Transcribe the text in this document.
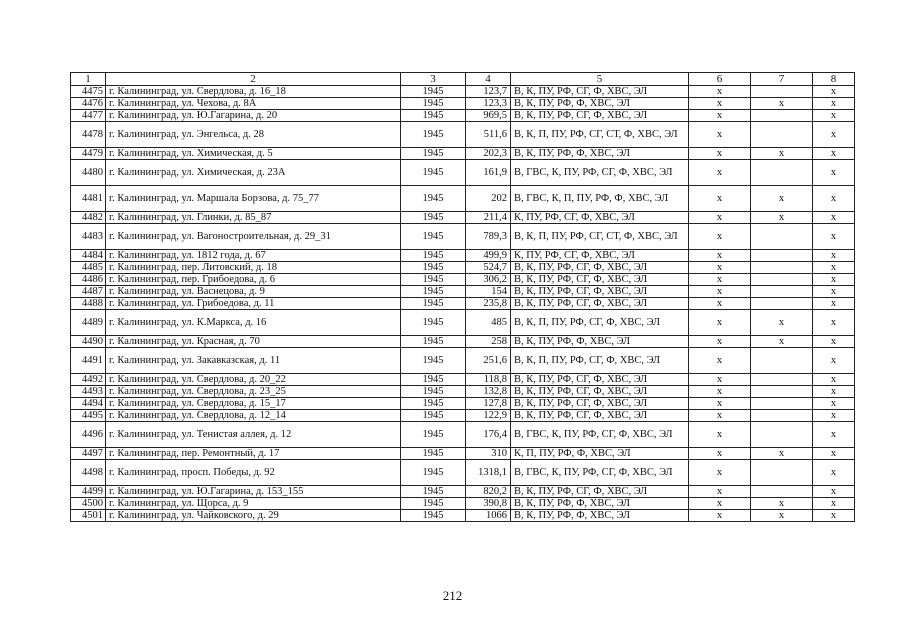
1	2	3	4	5	6	7	8
4475	г. Калининград, ул. Свердлова, д. 16_18	1945	123,7	В, К, ПУ, РФ, СГ, Ф, ХВС, ЭЛ	x		x
4476	г. Калининград, ул. Чехова, д. 8А	1945	123,3	В, К, ПУ, РФ, Ф, ХВС, ЭЛ	x	x	x
4477	г. Калининград, ул. Ю.Гагарина, д. 20	1945	969,5	В, К, ПУ, РФ, СГ, Ф, ХВС, ЭЛ	x		x
4478	г. Калининград, ул. Энгельса, д. 28	1945	511,6	В, К, П, ПУ, РФ, СГ, СТ, Ф, ХВС, ЭЛ	x		x
4479	г. Калининград, ул. Химическая, д. 5	1945	202,3	В, К, ПУ, РФ, Ф, ХВС, ЭЛ	x	x	x
4480	г. Калининград, ул. Химическая, д. 23А	1945	161,9	В, ГВС, К, ПУ, РФ, СГ, Ф, ХВС, ЭЛ	x		x
4481	г. Калининград, ул. Маршала Борзова, д. 75_77	1945	202	В, ГВС, К, П, ПУ, РФ, Ф, ХВС, ЭЛ	x	x	x
4482	г. Калининград, ул. Глинки, д. 85_87	1945	211,4	К, ПУ, РФ, СГ, Ф, ХВС, ЭЛ	x	x	x
4483	г. Калининград, ул. Вагоностроительная, д. 29_31	1945	789,3	В, К, П, ПУ, РФ, СГ, СТ, Ф, ХВС, ЭЛ	x		x
4484	г. Калининград, ул. 1812 года, д. 67	1945	499,9	К, ПУ, РФ, СГ, Ф, ХВС, ЭЛ	x		x
4485	г. Калининград, пер. Литовский, д. 18	1945	524,7	В, К, ПУ, РФ, СГ, Ф, ХВС, ЭЛ	x		x
4486	г. Калининград, пер. Грибоедова, д. 6	1945	306,2	В, К, ПУ, РФ, СГ, Ф, ХВС, ЭЛ	x		x
4487	г. Калининград, ул. Васнецова, д. 9	1945	154	В, К, ПУ, РФ, СГ, Ф, ХВС, ЭЛ	x		x
4488	г. Калининград, ул. Грибоедова, д. 11	1945	235,8	В, К, ПУ, РФ, СГ, Ф, ХВС, ЭЛ	x		x
4489	г. Калининград, ул. К.Маркса, д. 16	1945	485	В, К, П, ПУ, РФ, СГ, Ф, ХВС, ЭЛ	x	x	x
4490	г. Калининград, ул. Красная, д. 70	1945	258	В, К, ПУ, РФ, Ф, ХВС, ЭЛ	x	x	x
4491	г. Калининград, ул. Закавказская, д. 11	1945	251,6	В, К, П, ПУ, РФ, СГ, Ф, ХВС, ЭЛ	x		x
4492	г. Калининград, ул. Свердлова, д. 20_22	1945	118,8	В, К, ПУ, РФ, СГ, Ф, ХВС, ЭЛ	x		x
4493	г. Калининград, ул. Свердлова, д. 23_25	1945	132,8	В, К, ПУ, РФ, СГ, Ф, ХВС, ЭЛ	x		x
4494	г. Калининград, ул. Свердлова, д. 15_17	1945	127,8	В, К, ПУ, РФ, СГ, Ф, ХВС, ЭЛ	x		x
4495	г. Калининград, ул. Свердлова, д. 12_14	1945	122,9	В, К, ПУ, РФ, СГ, Ф, ХВС, ЭЛ	x		x
4496	г. Калининград, ул. Тенистая аллея, д. 12	1945	176,4	В, ГВС, К, ПУ, РФ, СГ, Ф, ХВС, ЭЛ	x		x
4497	г. Калининград, пер. Ремонтный, д. 17	1945	310	К, П, ПУ, РФ, Ф, ХВС, ЭЛ	x	x	x
4498	г. Калининград, просп. Победы, д. 92	1945	1318,1	В, ГВС, К, ПУ, РФ, СГ, Ф, ХВС, ЭЛ	x		x
4499	г. Калининград, ул. Ю.Гагарина, д. 153_155	1945	820,2	В, К, ПУ, РФ, СГ, Ф, ХВС, ЭЛ	x		x
4500	г. Калининград, ул. Щорса, д. 9	1945	390,8	В, К, ПУ, РФ, Ф, ХВС, ЭЛ	x	x	x
4501	г. Калининград, ул. Чайковского, д. 29	1945	1066	В, К, ПУ, РФ, Ф, ХВС, ЭЛ	x	x	x
212
